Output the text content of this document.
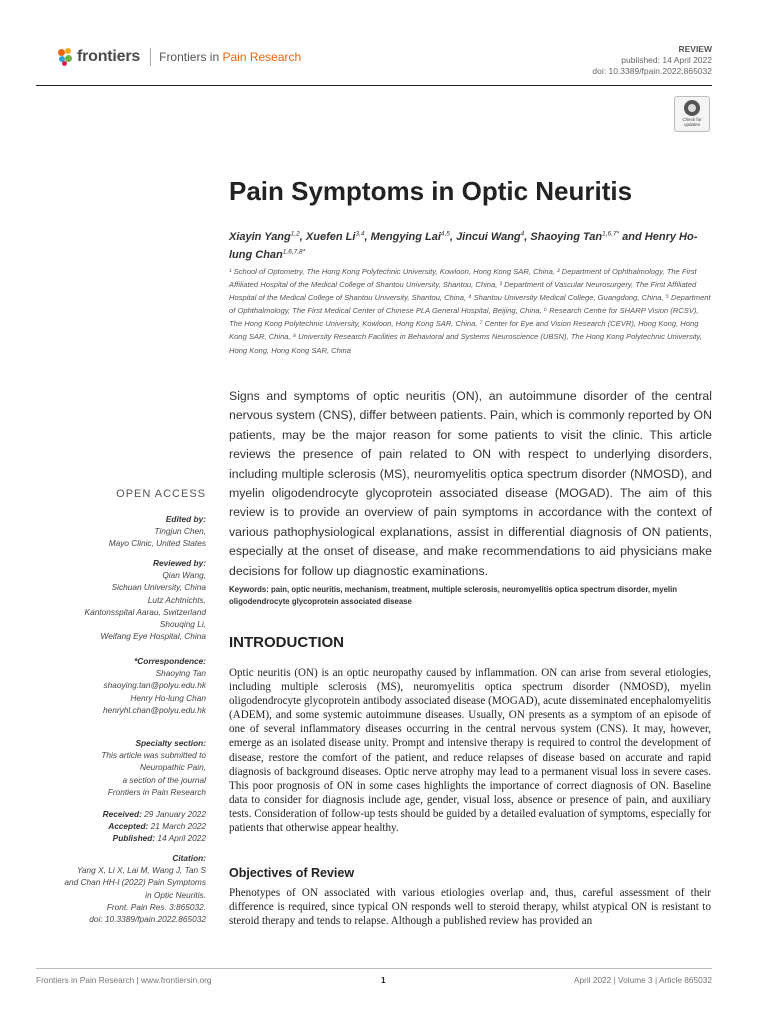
frontiers Frontiers in Pain Research
REVIEW
published: 14 April 2022
doi: 10.3389/fpain.2022.865032
Check for updates
Pain Symptoms in Optic Neuritis
Xiayin Yang$^{1,2}$, Xuefen Li$^{3,4}$, Mengying Lai$^{4,5}$, Jincui Wang$^4$, Shaoying Tan$^{1,6,7*}$ and Henry Ho-lung Chan$^{1,6,7,8*}$
¹ School of Optometry, The Hong Kong Polytechnic University, Kowloon, Hong Kong SAR, China, ² Department of Ophthalmology, The First Affiliated Hospital of the Medical College of Shantou University, Shantou, China, ³ Department of Vascular Neurosurgery, The First Affiliated Hospital of the Medical College of Shantou University, Shantou, China, ⁴ Shantou University Medical College, Guangdong, China, ⁵ Department of Ophthalmology, The First Medical Center of Chinese PLA General Hospital, Beijing, China, ⁶ Research Centre for SHARP Vision (RCSV), The Hong Kong Polytechnic University, Kowloon, Hong Kong SAR, China, ⁷ Center for Eye and Vision Research (CEVR), Hong Kong, Hong Kong SAR, China, ⁸ University Research Facilities in Behavioral and Systems Neuroscience (UBSN), The Hong Kong Polytechnic University, Hong Kong, Hong Kong SAR, China
Signs and symptoms of optic neuritis (ON), an autoimmune disorder of the central nervous system (CNS), differ between patients. Pain, which is commonly reported by ON patients, may be the major reason for some patients to visit the clinic. This article reviews the presence of pain related to ON with respect to underlying disorders, including multiple sclerosis (MS), neuromyelitis optica spectrum disorder (NMOSD), and myelin oligodendrocyte glycoprotein associated disease (MOGAD). The aim of this review is to provide an overview of pain symptoms in accordance with the context of various pathophysiological explanations, assist in differential diagnosis of ON patients, especially at the onset of disease, and make recommendations to aid physicians make decisions for follow up diagnostic examinations.
Keywords: pain, optic neuritis, mechanism, treatment, multiple sclerosis, neuromyelitis optica spectrum disorder, myelin oligodendrocyte glycoprotein associated disease
OPEN ACCESS
Edited by:
Tingjun Chen,
Mayo Clinic, United States
Reviewed by:
Qian Wang,
Sichuan University, China
Lutz Achtnichts,
Kantonsspital Aarau, Switzerland
Shouqing Li,
Weifang Eye Hospital, China
*Correspondence:
Shaoying Tan
shaoying.tan@polyu.edu.hk
Henry Ho-lung Chan
henryhl.chan@polyu.edu.hk
Specialty section:
This article was submitted to
Neuropathic Pain,
a section of the journal
Frontiers in Pain Research
Received: 29 January 2022
Accepted: 21 March 2022
Published: 14 April 2022
Citation:
Yang X, Li X, Lai M, Wang J, Tan S
and Chan HH-l (2022) Pain Symptoms
in Optic Neuritis.
Front. Pain Res. 3:865032.
doi: 10.3389/fpain.2022.865032
INTRODUCTION

Optic neuritis (ON) is an optic neuropathy caused by inflammation. ON can arise from several etiologies, including multiple sclerosis (MS), neuromyelitis optica spectrum disorder (NMOSD), myelin oligodendrocyte glycoprotein antibody associated disease (MOGAD), acute disseminated encephalomyelitis (ADEM), and some systemic autoimmune diseases. Usually, ON presents as a symptom of an episode of one of several inflammatory diseases occurring in the central nervous system (CNS). It may, however, emerge as an isolated disease unity. Prompt and intensive therapy is required to control the development of disease, restore the comfort of the patient, and reduce relapses of disease based on accurate and rapid diagnosis of background diseases. Optic nerve atrophy may lead to a permanent visual loss in severe cases. This poor prognosis of ON in some cases highlights the importance of correct diagnosis of ON. Baseline data to consider for diagnosis include age, gender, visual loss, absence or presence of pain, and auxiliary tests. Consideration of follow-up tests should be guided by a detailed evaluation of symptoms, especially for patients that otherwise appear healthy.

Objectives of Review

Phenotypes of ON associated with various etiologies overlap and, thus, careful assessment of their difference is required, since typical ON responds well to steroid therapy, whilst atypical ON is resistant to steroid therapy and tends to relapse. Although a published review has provided an

Frontiers in Pain Research | www.frontiersin.org	1	April 2022 | Volume 3 | Article 865032
